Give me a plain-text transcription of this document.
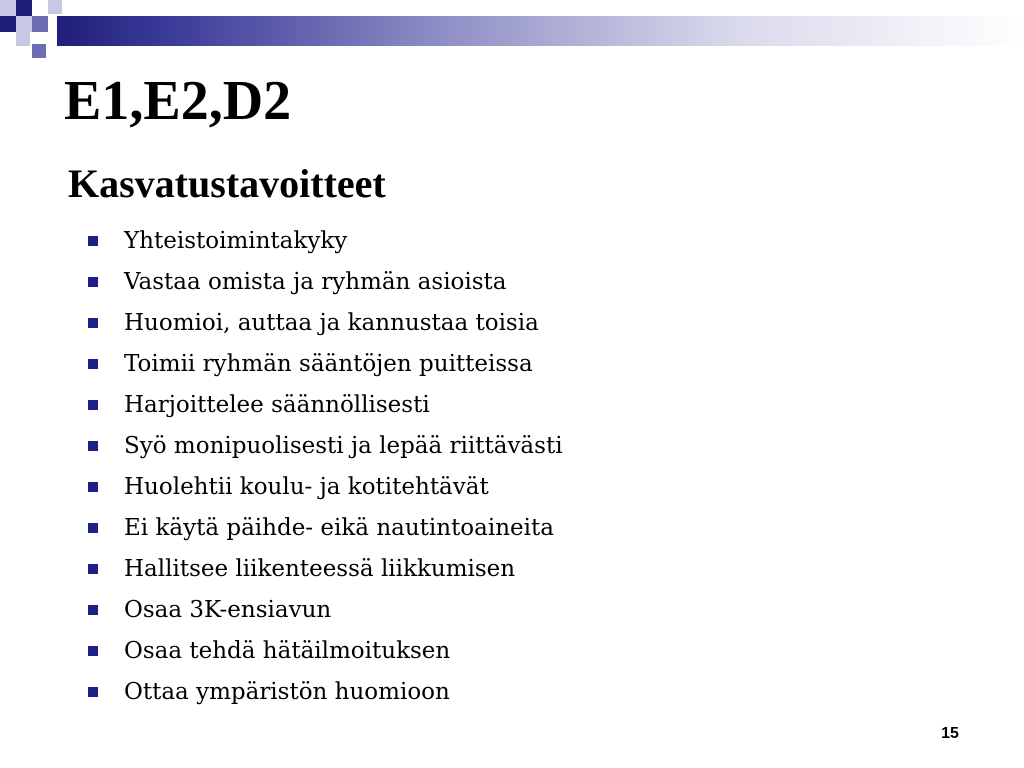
E1,E2,D2
Kasvatustavoitteet
Yhteistoimintakyky
Vastaa omista ja ryhmän asioista
Huomioi, auttaa ja kannustaa toisia
Toimii ryhmän sääntöjen puitteissa
Harjoittelee säännöllisesti
Syö monipuolisesti ja lepää riittävästi
Huolehtii koulu- ja kotitehtävät
Ei käytä päihde- eikä nautintoaineita
Hallitsee liikenteessä liikkumisen
Osaa 3K-ensiavun
Osaa tehdä hätäilmoituksen
Ottaa ympäristön huomioon
15
